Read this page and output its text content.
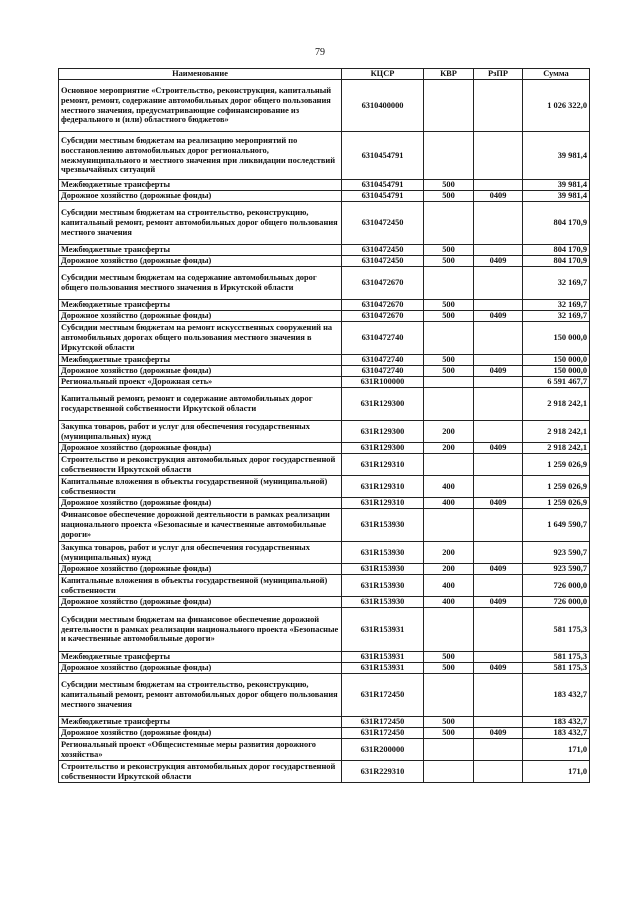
79
Наименование	КЦСР	КВР	РзПР	Сумма
Основное мероприятие «Строительство, реконструкция, капитальный ремонт, ремонт, содержание автомобильных дорог общего пользования местного значения, предусматривающие софинансирование из федерального и (или) областного бюджетов»	6310400000			1 026 322,0
Субсидии местным бюджетам на реализацию мероприятий по восстановлению автомобильных дорог регионального, межмуниципального и местного значения при ликвидации последствий чрезвычайных ситуаций	6310454791			39 981,4
Межбюджетные трансферты	6310454791	500		39 981,4
Дорожное хозяйство (дорожные фонды)	6310454791	500	0409	39 981,4
Субсидии местным бюджетам на строительство, реконструкцию, капитальный ремонт, ремонт автомобильных дорог общего пользования местного значения	6310472450			804 170,9
Межбюджетные трансферты	6310472450	500		804 170,9
Дорожное хозяйство (дорожные фонды)	6310472450	500	0409	804 170,9
Субсидии местным бюджетам на содержание автомобильных дорог общего пользования местного значения в Иркутской области	6310472670			32 169,7
Межбюджетные трансферты	6310472670	500		32 169,7
Дорожное хозяйство (дорожные фонды)	6310472670	500	0409	32 169,7
Субсидии местным бюджетам на ремонт искусственных сооружений на автомобильных дорогах общего пользования местного значения в Иркутской области	6310472740			150 000,0
Межбюджетные трансферты	6310472740	500		150 000,0
Дорожное хозяйство (дорожные фонды)	6310472740	500	0409	150 000,0
Региональный проект «Дорожная сеть»	631R100000			6 591 467,7
Капитальный ремонт, ремонт и содержание автомобильных дорог государственной собственности Иркутской области	631R129300			2 918 242,1
Закупка товаров, работ и услуг для обеспечения государственных (муниципальных) нужд	631R129300	200		2 918 242,1
Дорожное хозяйство (дорожные фонды)	631R129300	200	0409	2 918 242,1
Строительство и реконструкция автомобильных дорог государственной собственности Иркутской области	631R129310			1 259 026,9
Капитальные вложения в объекты государственной (муниципальной) собственности	631R129310	400		1 259 026,9
Дорожное хозяйство (дорожные фонды)	631R129310	400	0409	1 259 026,9
Финансовое обеспечение дорожной деятельности в рамках реализации национального проекта «Безопасные и качественные автомобильные дороги»	631R153930			1 649 590,7
Закупка товаров, работ и услуг для обеспечения государственных (муниципальных) нужд	631R153930	200		923 590,7
Дорожное хозяйство (дорожные фонды)	631R153930	200	0409	923 590,7
Капитальные вложения в объекты государственной (муниципальной) собственности	631R153930	400		726 000,0
Дорожное хозяйство (дорожные фонды)	631R153930	400	0409	726 000,0
Субсидии местным бюджетам на финансовое обеспечение дорожной деятельности в рамках реализации национального проекта «Безопасные и качественные автомобильные дороги»	631R153931			581 175,3
Межбюджетные трансферты	631R153931	500		581 175,3
Дорожное хозяйство (дорожные фонды)	631R153931	500	0409	581 175,3
Субсидии местным бюджетам на строительство, реконструкцию, капитальный ремонт, ремонт автомобильных дорог общего пользования местного значения	631R172450			183 432,7
Межбюджетные трансферты	631R172450	500		183 432,7
Дорожное хозяйство (дорожные фонды)	631R172450	500	0409	183 432,7
Региональный проект «Общесистемные меры развития дорожного хозяйства»	631R200000			171,0
Строительство и реконструкция автомобильных дорог государственной собственности Иркутской области	631R229310			171,0
